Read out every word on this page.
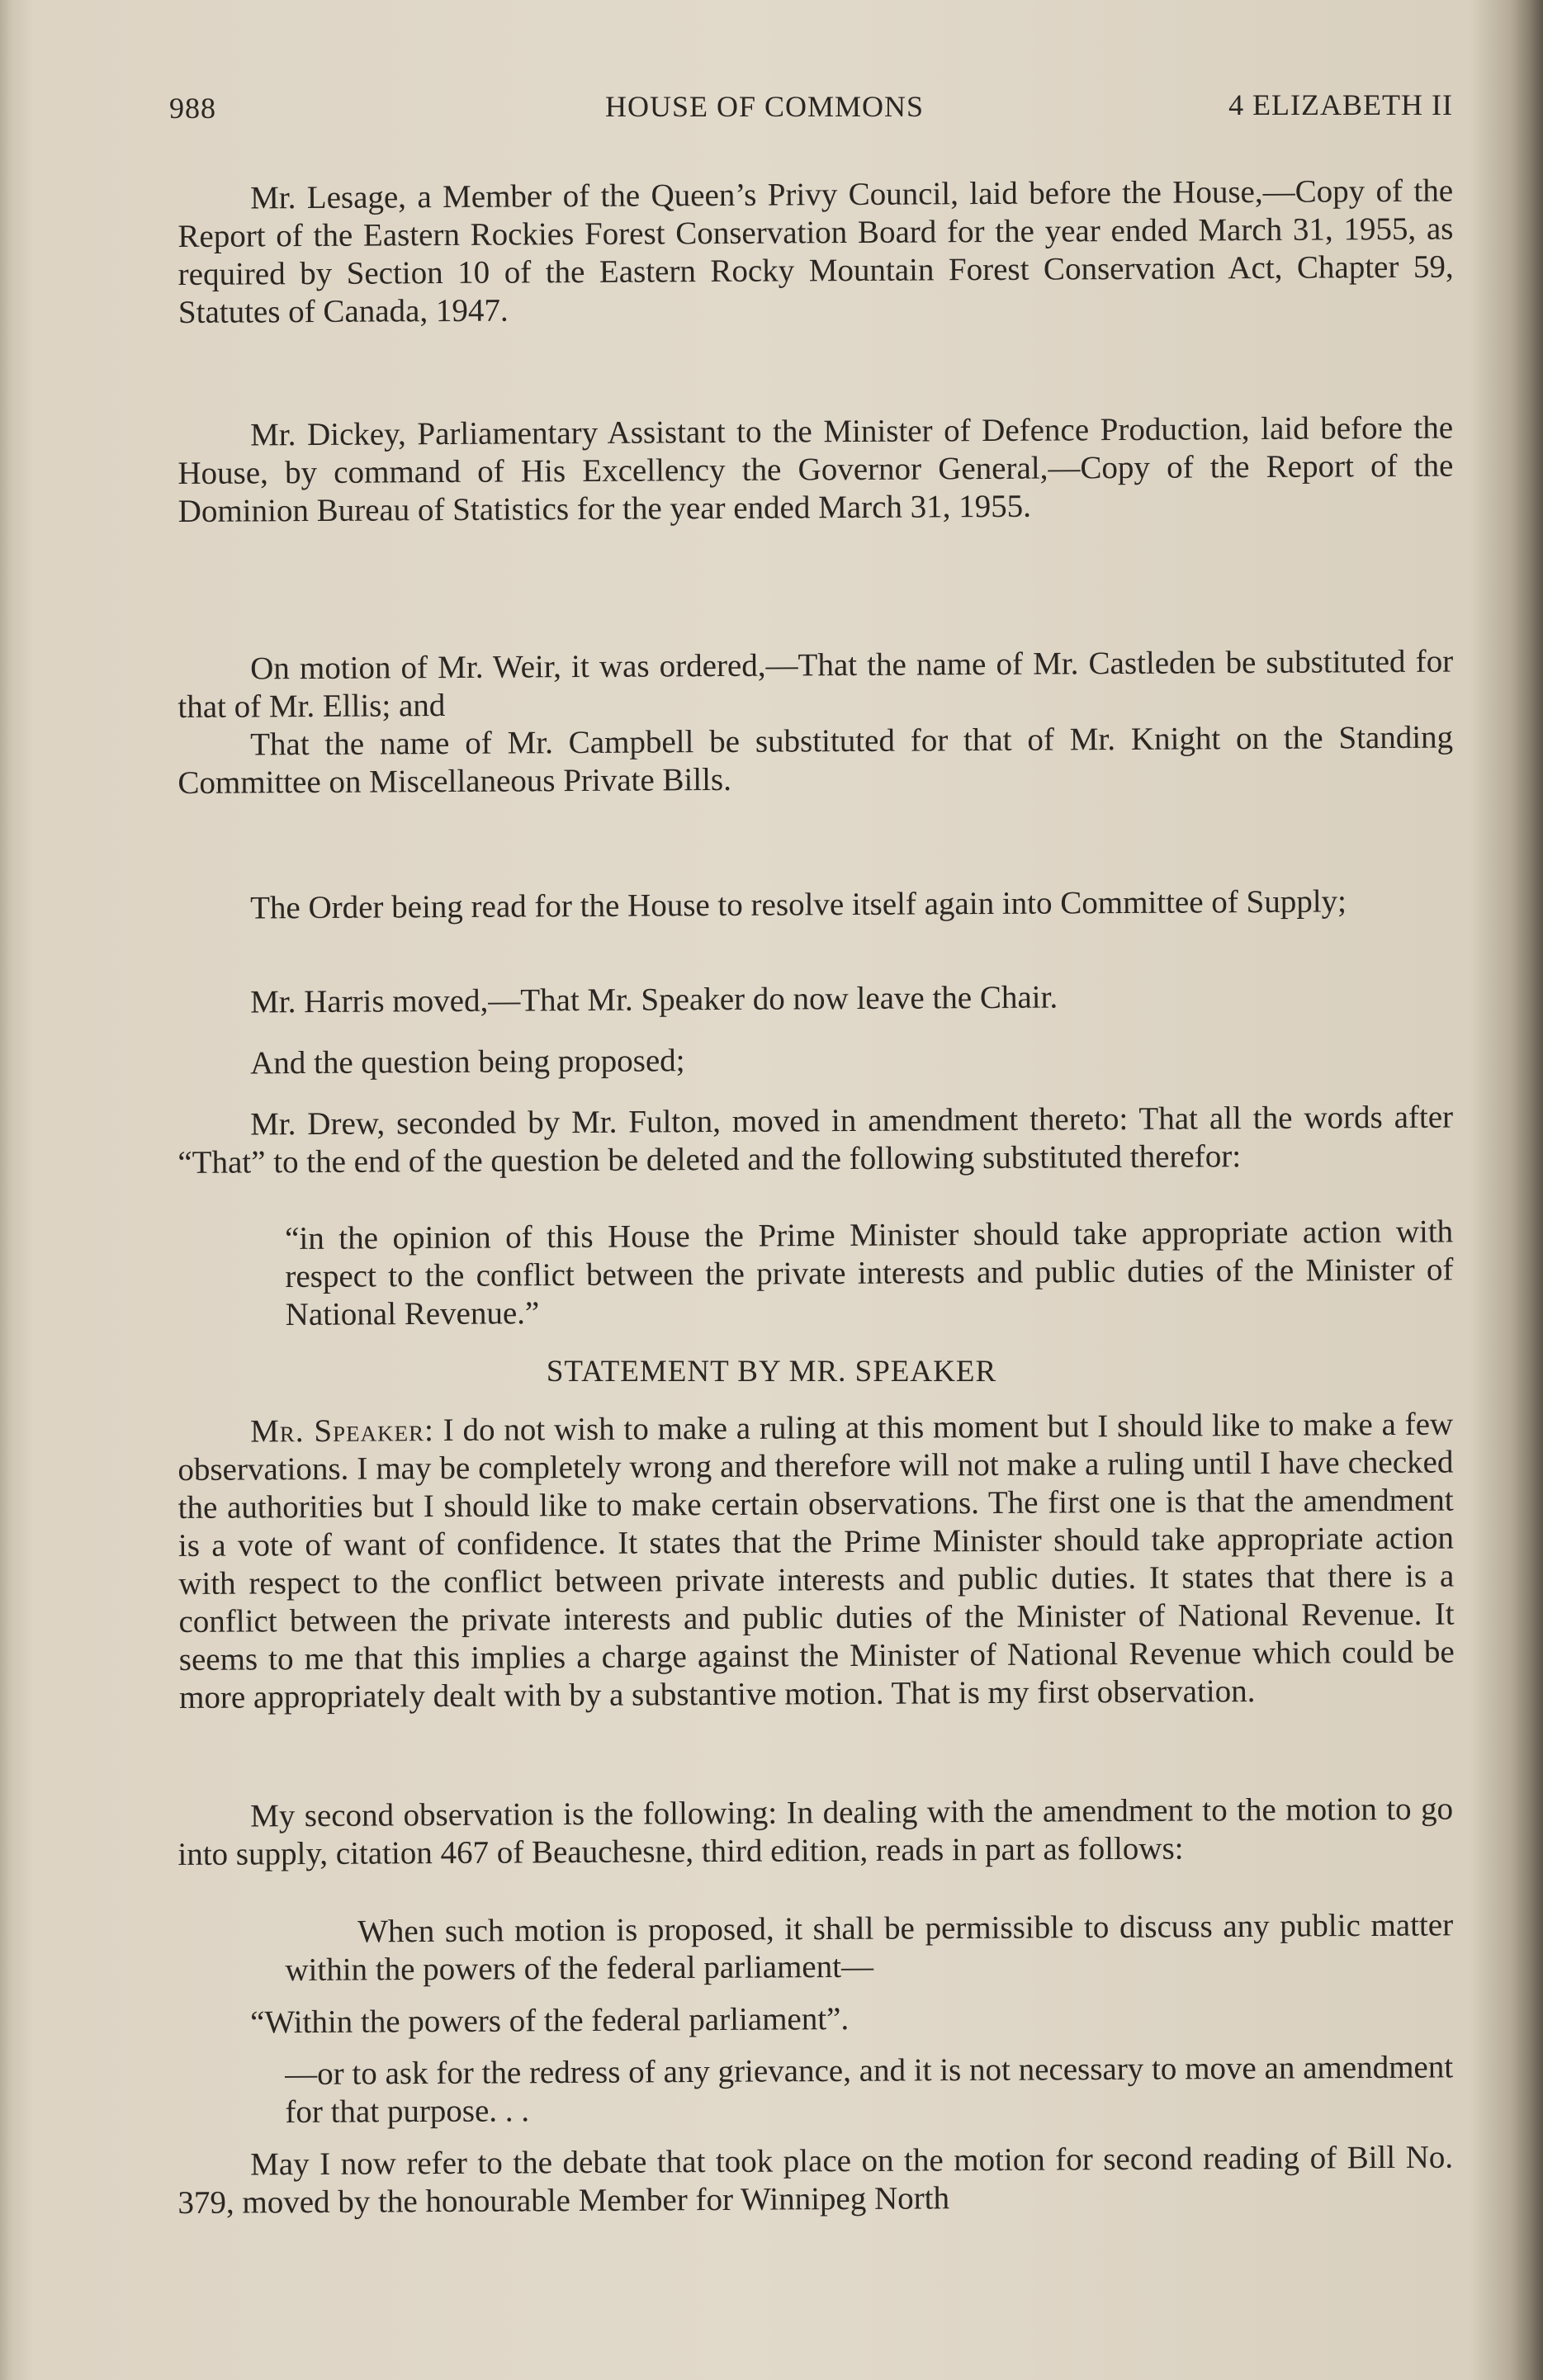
988	HOUSE OF COMMONS	4 ELIZABETH II

Mr. Lesage, a Member of the Queen’s Privy Council, laid before the House,—Copy of the Report of the Eastern Rockies Forest Conservation Board for the year ended March 31, 1955, as required by Section 10 of the Eastern Rocky Mountain Forest Conservation Act, Chapter 59, Statutes of Canada, 1947.

Mr. Dickey, Parliamentary Assistant to the Minister of Defence Production, laid before the House, by command of His Excellency the Governor General,—Copy of the Report of the Dominion Bureau of Statistics for the year ended March 31, 1955.

On motion of Mr. Weir, it was ordered,—That the name of Mr. Castleden be substituted for that of Mr. Ellis; and

That the name of Mr. Campbell be substituted for that of Mr. Knight on the Standing Committee on Miscellaneous Private Bills.

The Order being read for the House to resolve itself again into Committee of Supply;

Mr. Harris moved,—That Mr. Speaker do now leave the Chair.

And the question being proposed;

Mr. Drew, seconded by Mr. Fulton, moved in amendment thereto: That all the words after “That” to the end of the question be deleted and the following substituted therefor:

“in the opinion of this House the Prime Minister should take appropriate action with respect to the conflict between the private interests and public duties of the Minister of National Revenue.”

STATEMENT BY MR. SPEAKER

Mr. Speaker: I do not wish to make a ruling at this moment but I should like to make a few observations. I may be completely wrong and therefore will not make a ruling until I have checked the authorities but I should like to make certain observations. The first one is that the amendment is a vote of want of confidence. It states that the Prime Minister should take appropriate action with respect to the conflict between private interests and public duties. It states that there is a conflict between the private interests and public duties of the Minister of National Revenue. It seems to me that this implies a charge against the Minister of National Revenue which could be more appropriately dealt with by a substantive motion. That is my first observation.

My second observation is the following: In dealing with the amendment to the motion to go into supply, citation 467 of Beauchesne, third edition, reads in part as follows:

When such motion is proposed, it shall be permissible to discuss any public matter within the powers of the federal parliament—

“Within the powers of the federal parliament”.

—or to ask for the redress of any grievance, and it is not necessary to move an amendment for that purpose. . .

May I now refer to the debate that took place on the motion for second reading of Bill No. 379, moved by the honourable Member for Winnipeg North
